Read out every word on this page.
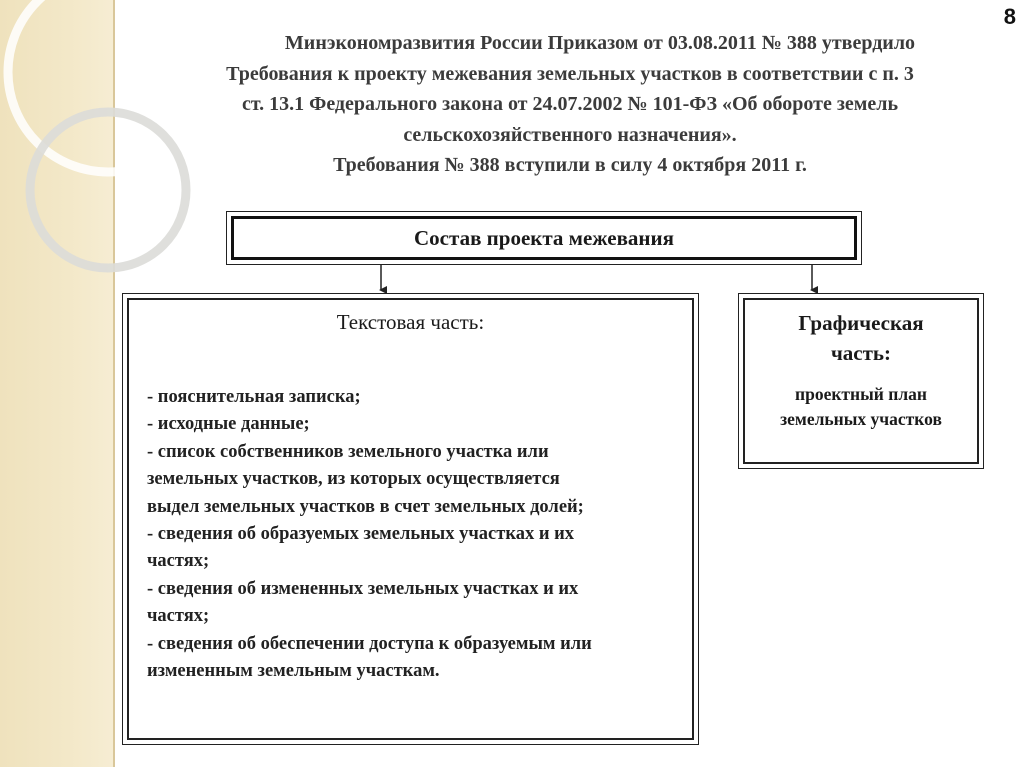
8

Минэкономразвития России Приказом от 03.08.2011 № 388 утвердило

Требования к проекту межевания земельных участков в соответствии с п. 3

ст. 13.1 Федерального закона от 24.07.2002 № 101-ФЗ «Об обороте земель

сельскохозяйственного назначения».

Требования № 388 вступили в силу 4 октября 2011 г.

Состав проекта межевания
Текстовая часть:
- пояснительная записка;
- исходные данные;
- список собственников земельного участка или
земельных участков, из которых осуществляется
выдел земельных участков в счет земельных долей;
- сведения об образуемых земельных участках и их
частях;
- сведения об измененных земельных участках и их
частях;
- сведения об обеспечении доступа к образуемым или
измененным земельным участкам.
Графическая
часть:
проектный план
земельных участков
